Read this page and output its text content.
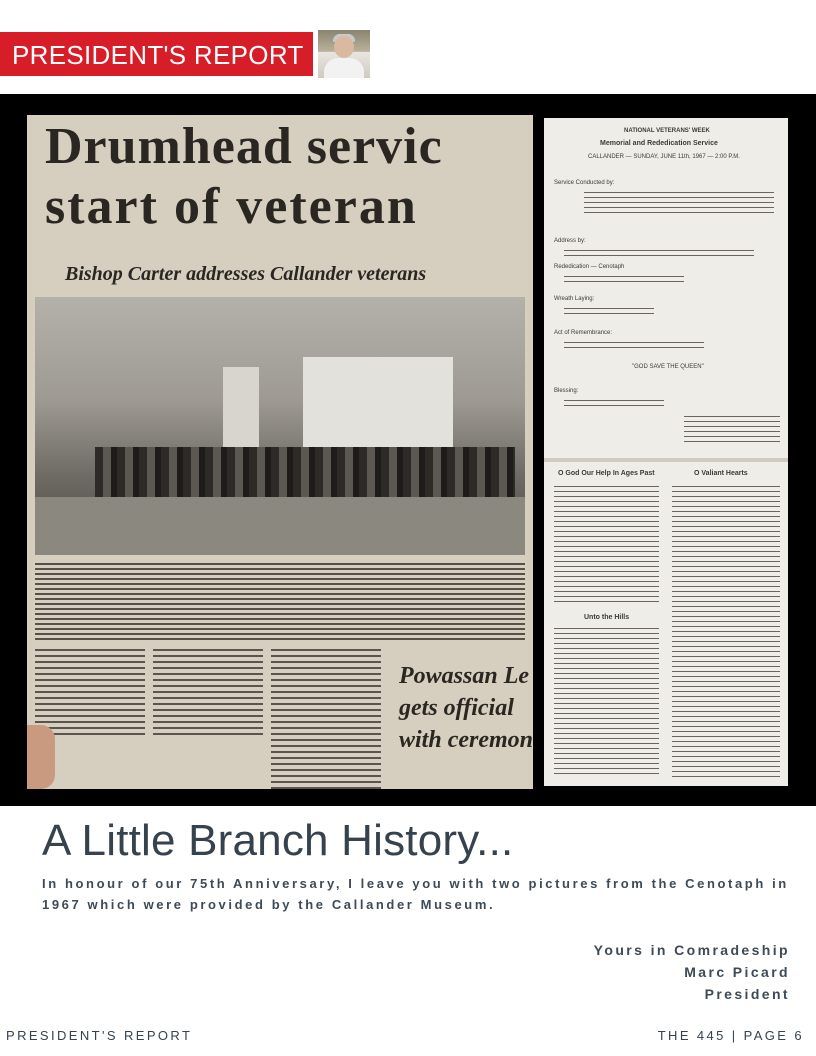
PRESIDENT'S REPORT
Drumhead servic
start of veteran
Bishop Carter addresses Callander veterans
Powassan Le
gets official
with ceremon
NATIONAL VETERANS' WEEK
Memorial and Rededication Service
CALLANDER — SUNDAY, JUNE 11th, 1967 — 2:00 P.M.
Service Conducted by:
Address by:
Rededication — Cenotaph
Wreath Laying:
Act of Remembrance:
"GOD SAVE THE QUEEN"
Blessing:
O God Our Help In Ages Past	O Valiant Hearts
Unto the Hills
A Little Branch History...
In honour of our 75th Anniversary, I leave you with two pictures from the Cenotaph in 1967 which were provided by the Callander Museum.
Yours in Comradeship
Marc Picard
President
PRESIDENT'S REPORT	THE 445 | PAGE 6
